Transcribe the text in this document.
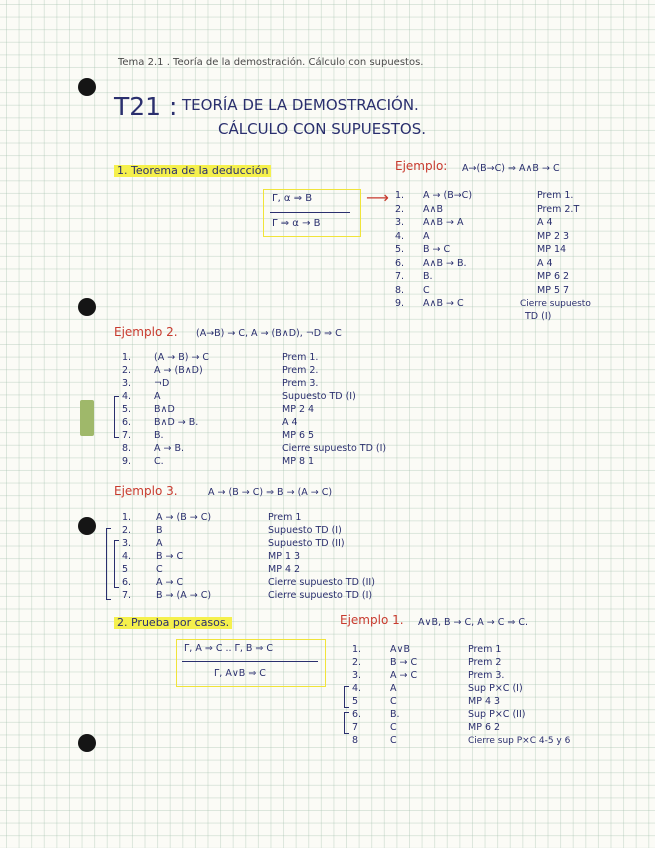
Tema 2.1 . Teoría de la demostración. Cálculo con supuestos.
T21 : TEORÍA DE LA DEMOSTRACIÓN.
CÁLCULO CON SUPUESTOS.
1. Teorema de la deducción
Γ, α ⇒ B
Γ ⇒ α → B
⟶
Ejemplo: A→(B→C) ⇒ A∧B → C
1. A → (B→C)	Prem 1.
2. A∧B	Prem 2.T
3. A∧B → A	A 4
4. A	MP 2 3
5. B → C	MP 14
6. A∧B → B.	A 4
7. B.	MP 6 2
8. C	MP 5 7
9. A∧B → C	Cierre supuesto
TD (I)
Ejemplo 2. (A→B) → C, A → (B∧D), ¬D ⇒ C
1. (A → B) → C	Prem 1.
2. A → (B∧D)	Prem 2.
3. ¬D	Prem 3.
4. A	Supuesto TD (I)
5. B∧D	MP 2 4
6. B∧D → B.	A 4
7. B.	MP 6 5
8. A → B.	Cierre supuesto TD (I)
9. C.	MP 8 1
Ejemplo 3.	A → (B → C) ⇒ B → (A → C)
1.	A → (B → C)	Prem 1
2.	B	Supuesto TD (I)
3.	A	Supuesto TD (II)
4.	B → C	MP 1 3
5	C	MP 4 2
6.	A → C	Cierre supuesto TD (II)
7.	B → (A → C)	Cierre supuesto TD (I)
2. Prueba por casos.
Γ, A ⇒ C .. Γ, B ⇒ C
Γ, A∨B ⇒ C
Ejemplo 1. A∨B, B → C, A → C ⇒ C.
1.	A∨B	Prem 1
2.	B → C	Prem 2
3.	A → C	Prem 3.
4.	A	Sup P×C (I)
5	C	MP 4 3
6.	B.	Sup P×C (II)
7	C	MP 6 2
8	C	Cierre sup P×C 4-5 y 6
